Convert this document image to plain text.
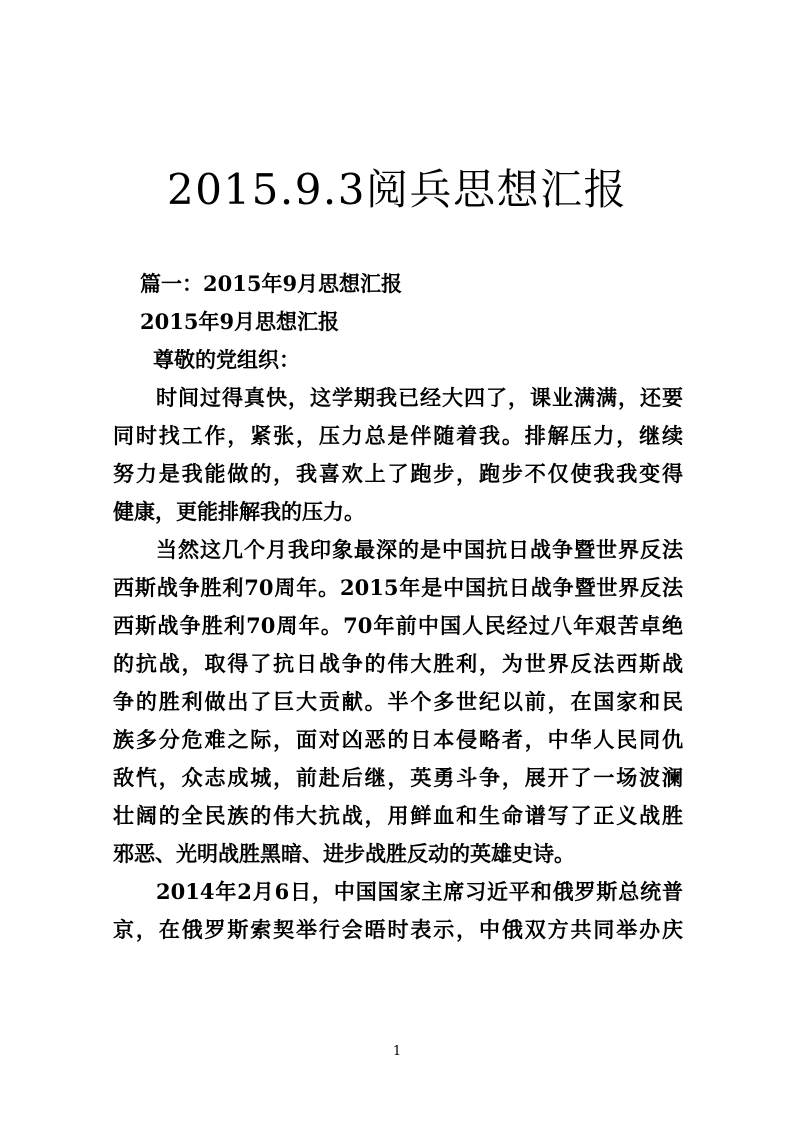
2015.9.3阅兵思想汇报
篇一：2015年9月思想汇报
2015年9月思想汇报
尊敬的党组织：
时间过得真快，这学期我已经大四了，课业满满，还要
同时找工作，紧张，压力总是伴随着我。排解压力，继续
努力是我能做的，我喜欢上了跑步，跑步不仅使我我变得
健康，更能排解我的压力。
当然这几个月我印象最深的是中国抗日战争暨世界反法
西斯战争胜利70周年。2015年是中国抗日战争暨世界反法
西斯战争胜利70周年。70年前中国人民经过八年艰苦卓绝
的抗战，取得了抗日战争的伟大胜利，为世界反法西斯战
争的胜利做出了巨大贡献。半个多世纪以前，在国家和民
族多分危难之际，面对凶恶的日本侵略者，中华人民同仇
敌忾，众志成城，前赴后继，英勇斗争，展开了一场波澜
壮阔的全民族的伟大抗战，用鲜血和生命谱写了正义战胜
邪恶、光明战胜黑暗、进步战胜反动的英雄史诗。
2014年2月6日，中国国家主席习近平和俄罗斯总统普
京，在俄罗斯索契举行会晤时表示，中俄双方共同举办庆
1
